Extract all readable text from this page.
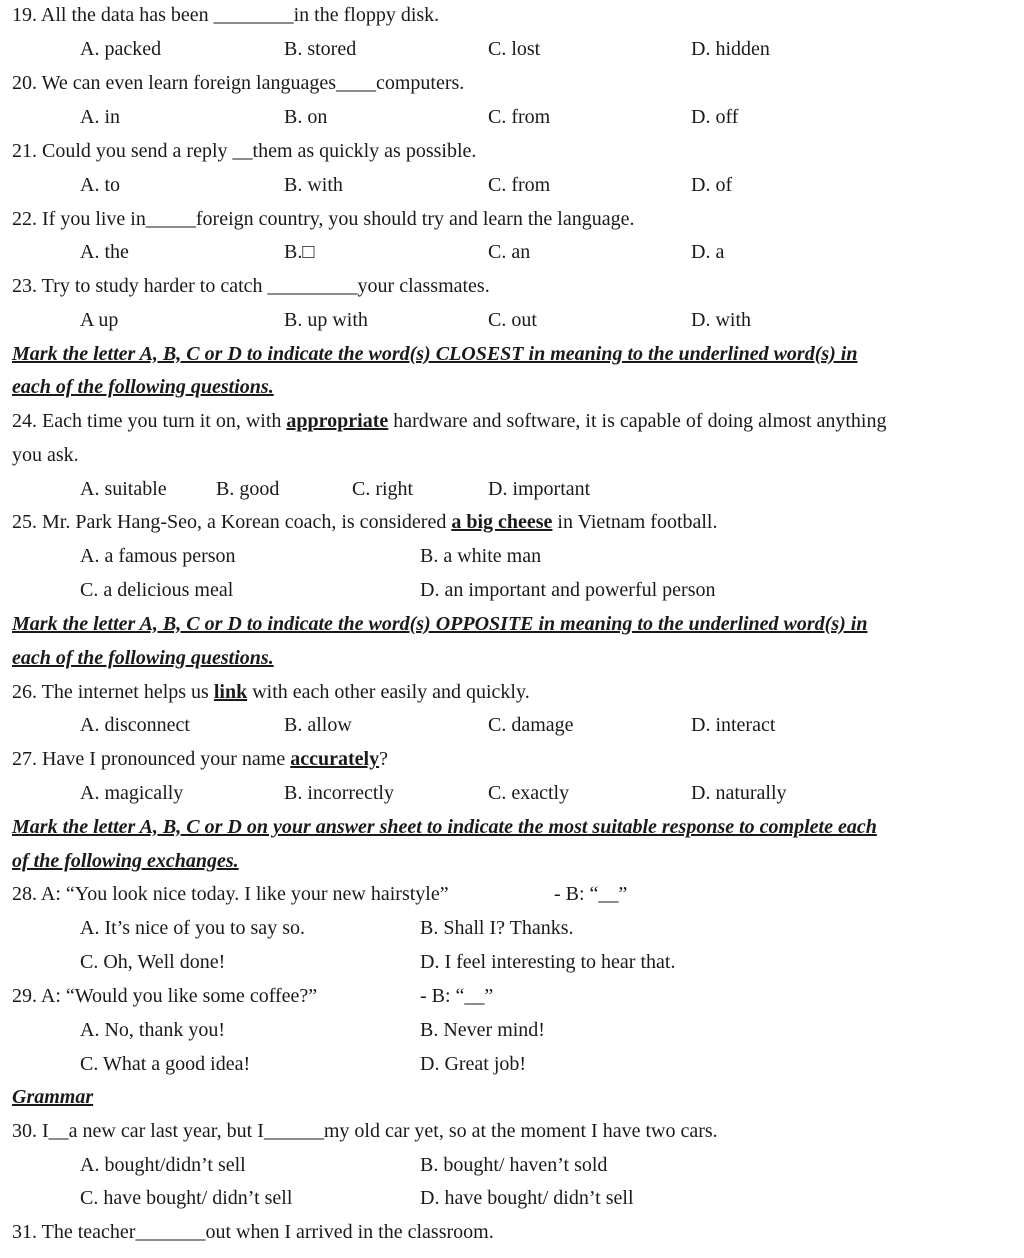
19. All the data has been ________in the floppy disk.
A. packed	B. stored	C. lost	D. hidden
20. We can even learn foreign languages____computers.
A. in	B. on	C. from	D. off
21. Could you send a reply __them as quickly as possible.
A. to	B. with	C. from	D. of
22. If you live in_____foreign country, you should try and learn the language.
A. the	B.□	C. an	D. a
23. Try to study harder to catch _________your classmates.
A up	B. up with	C. out	D. with
Mark the letter A, B, C or D to indicate the word(s) CLOSEST in meaning to the underlined word(s) in
each of the following questions.
24. Each time you turn it on, with appropriate hardware and software, it is capable of doing almost anything
you ask.
A. suitable B. good	C. right	D. important
25. Mr. Park Hang-Seo, a Korean coach, is considered a big cheese in Vietnam football.
A. a famous person	B. a white man
C. a delicious meal	D. an important and powerful person
Mark the letter A, B, C or D to indicate the word(s) OPPOSITE in meaning to the underlined word(s) in
each of the following questions.
26. The internet helps us link with each other easily and quickly.
A. disconnect	B. allow	C. damage	D. interact
27. Have I pronounced your name accurately?
A. magically	B. incorrectly	C. exactly	D. naturally
Mark the letter A, B, C or D on your answer sheet to indicate the most suitable response to complete each
of the following exchanges.
28. A: “You look nice today. I like your new hairstyle”	- B: “__”
A. It’s nice of you to say so.	B. Shall I? Thanks.
C. Oh, Well done!	D. I feel interesting to hear that.
29. A: “Would you like some coffee?”	- B: “__”
A. No, thank you!	B. Never mind!
C. What a good idea!	D. Great job!
Grammar
30. I__a new car last year, but I______my old car yet, so at the moment I have two cars.
A. bought/didn’t sell	B. bought/ haven’t sold
C. have bought/ didn’t sell	D. have bought/ didn’t sell
31. The teacher_______out when I arrived in the classroom.
